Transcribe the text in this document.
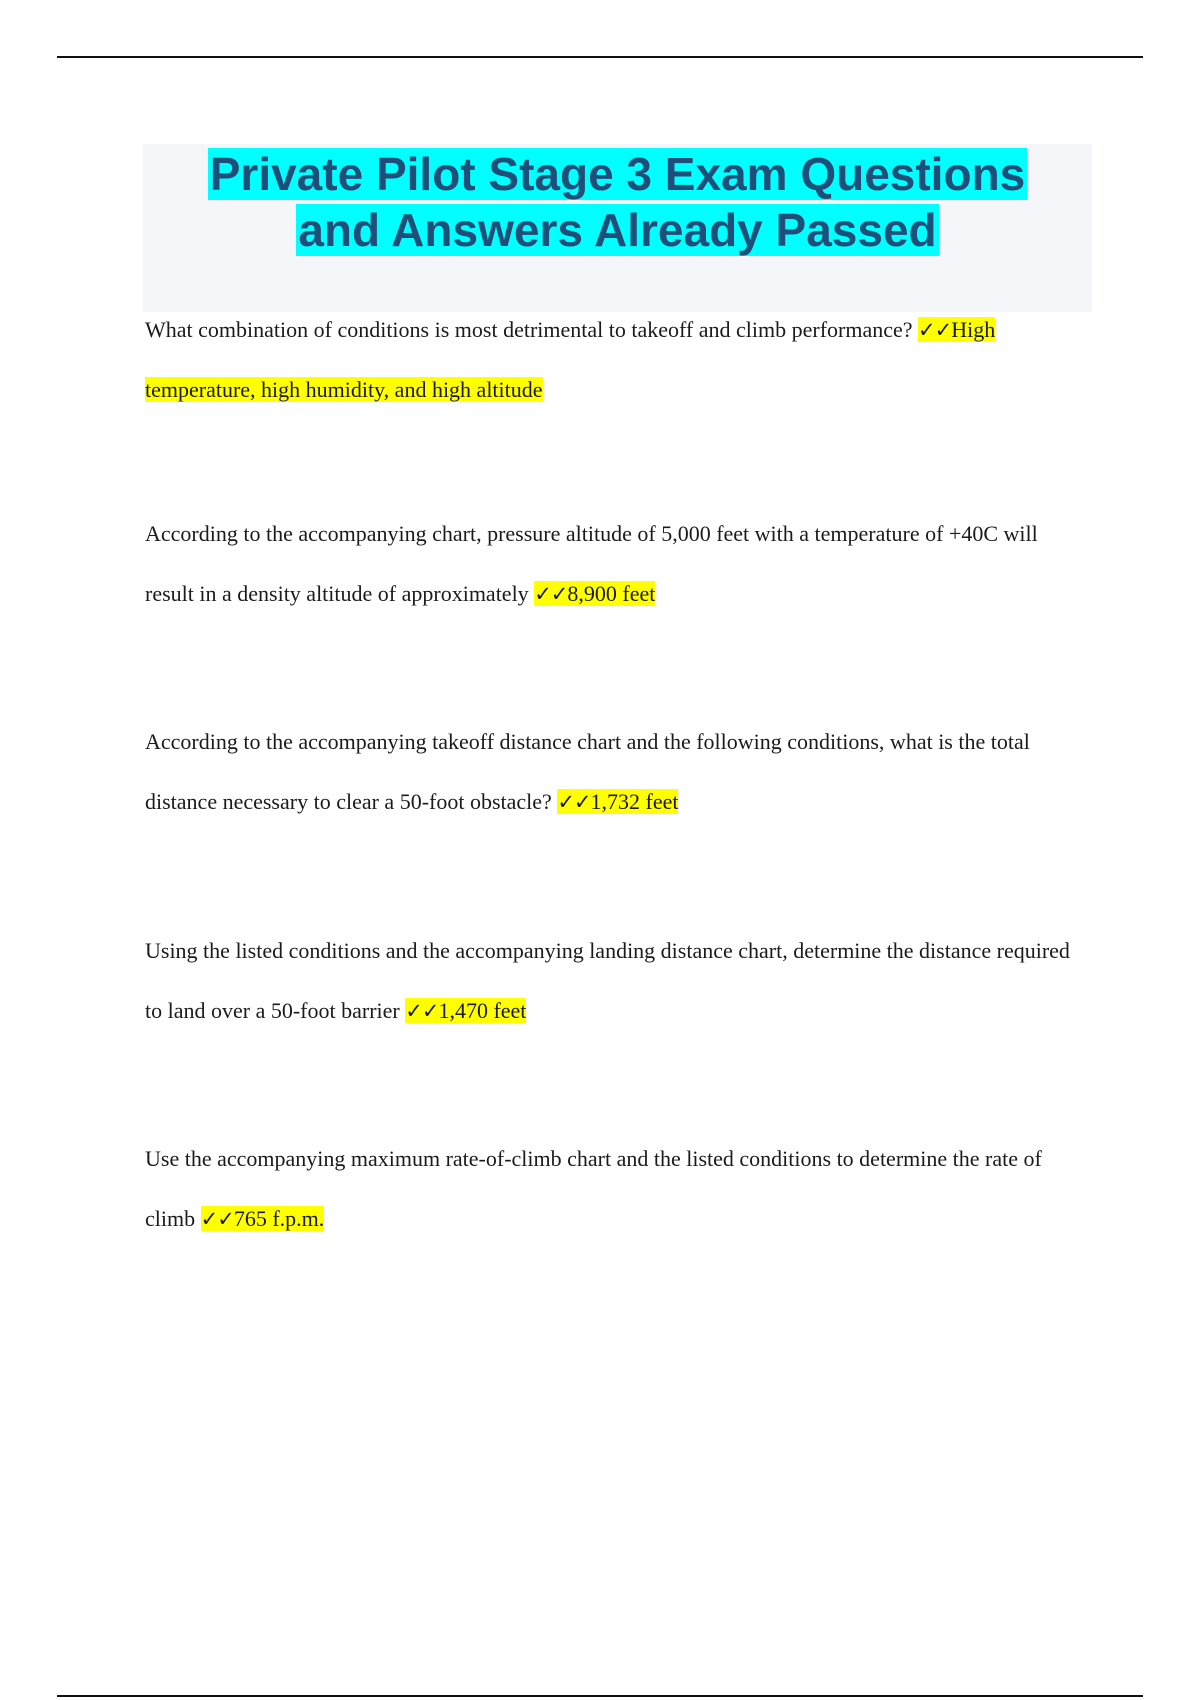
Private Pilot Stage 3 Exam Questions
and Answers Already Passed

What combination of conditions is most detrimental to takeoff and climb performance? ✓✓High temperature, high humidity, and high altitude

According to the accompanying chart, pressure altitude of 5,000 feet with a temperature of +40C will result in a density altitude of approximately ✓✓8,900 feet

According to the accompanying takeoff distance chart and the following conditions, what is the total distance necessary to clear a 50-foot obstacle? ✓✓1,732 feet

Using the listed conditions and the accompanying landing distance chart, determine the distance required to land over a 50-foot barrier ✓✓1,470 feet

Use the accompanying maximum rate-of-climb chart and the listed conditions to determine the rate of climb ✓✓765 f.p.m.
